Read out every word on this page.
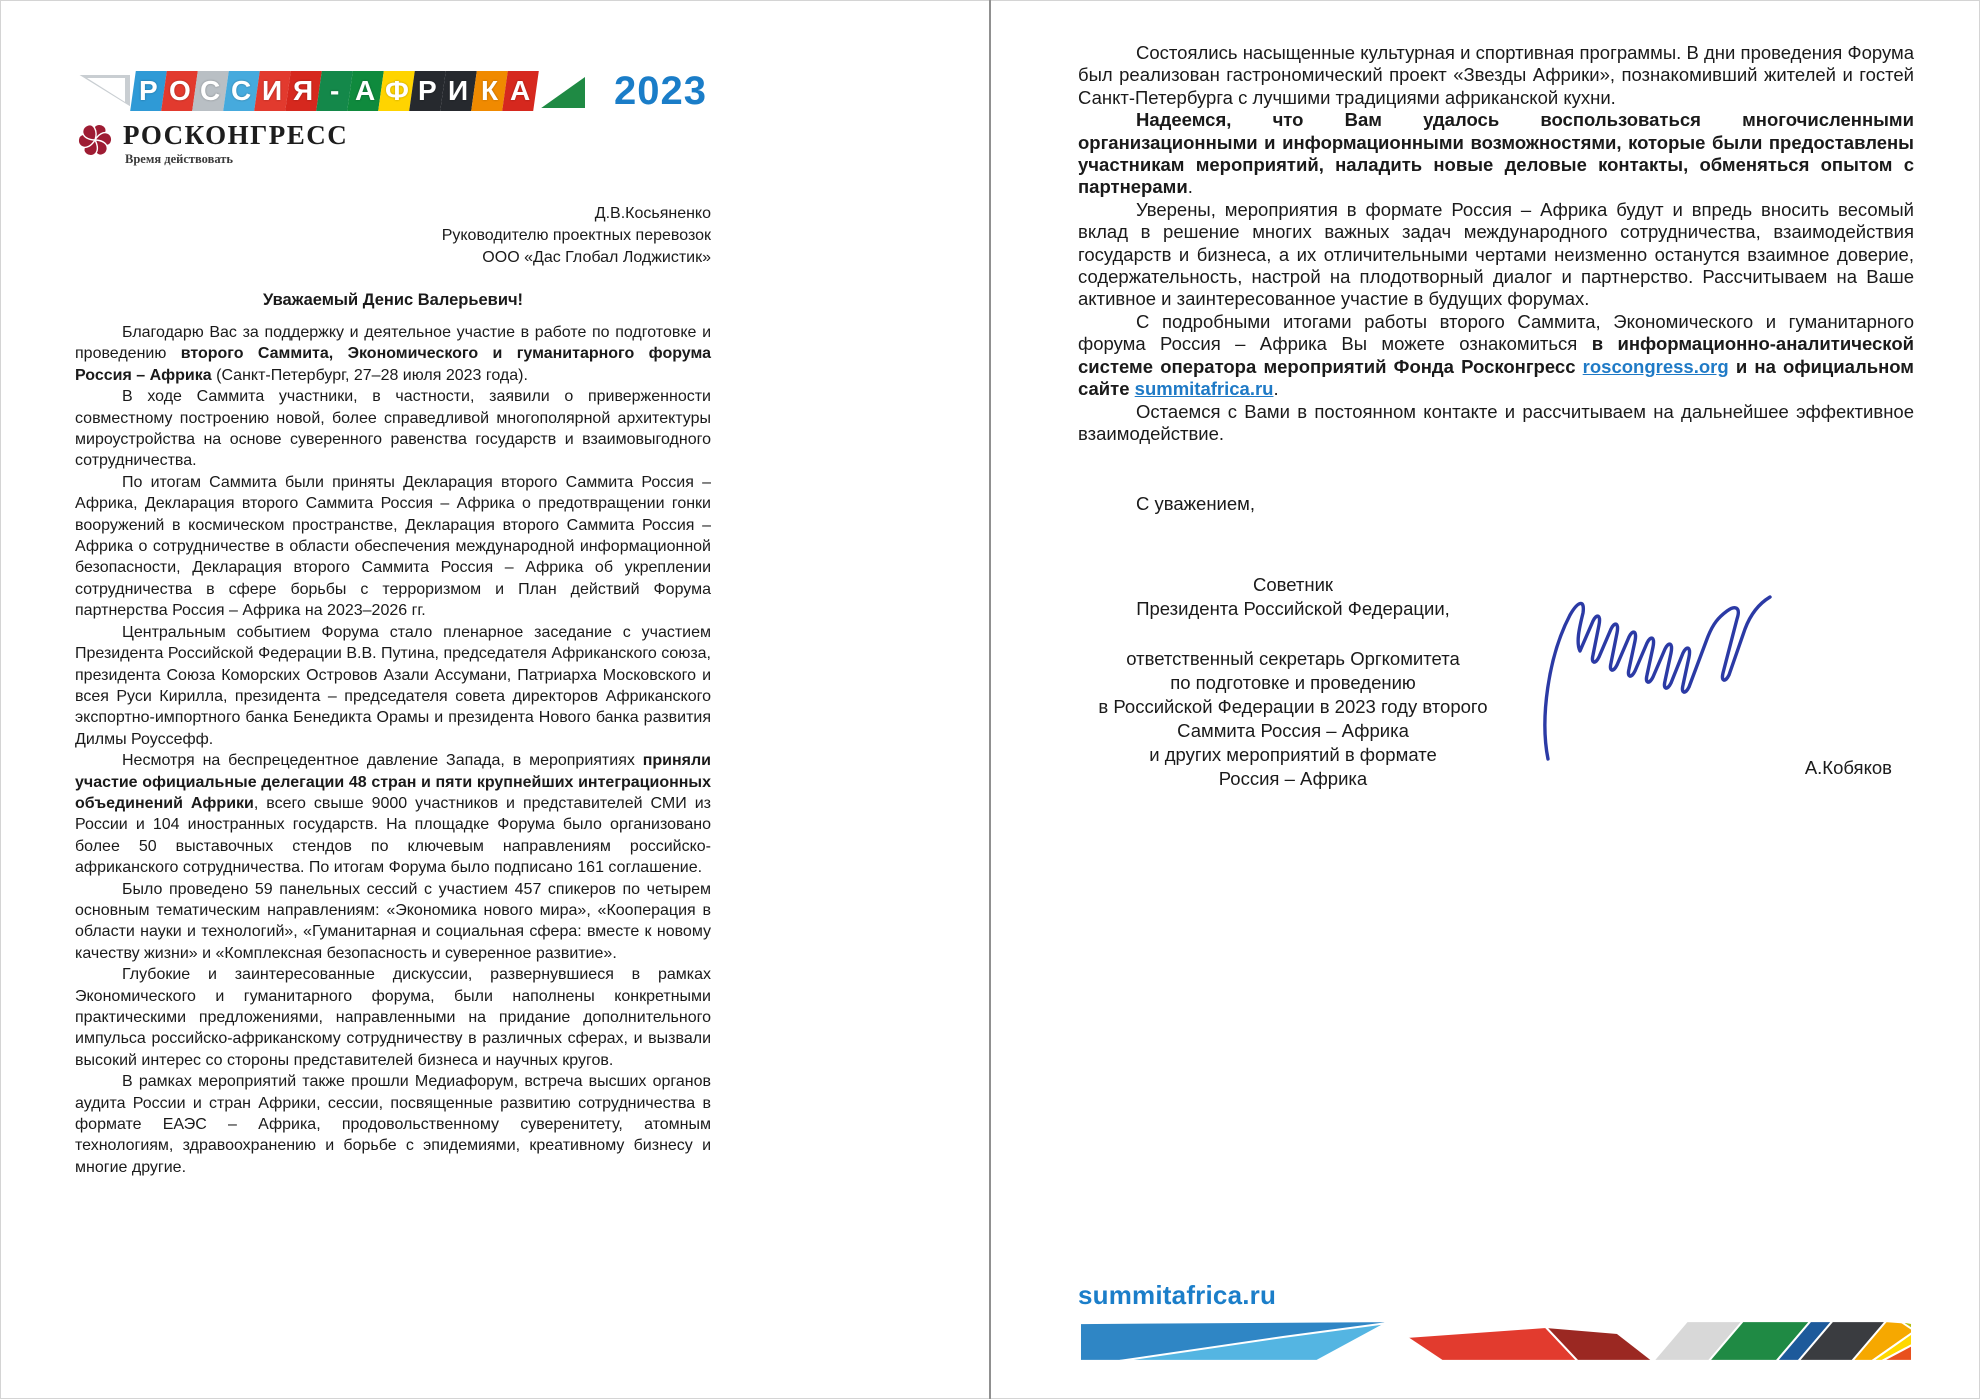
Р О С С И Я - А Ф Р И К А 2023
РОСКОНГРЕСС
Время действовать
Д.В.Косьяненко
Руководителю проектных перевозок
ООО «Дас Глобал Лоджистик»
Уважаемый Денис Валерьевич!
Благодарю Вас за поддержку и деятельное участие в работе по подготовке и проведению второго Саммита, Экономического и гуманитарного форума Россия – Африка (Санкт-Петербург, 27–28 июля 2023 года).
В ходе Саммита участники, в частности, заявили о приверженности совместному построению новой, более справедливой многополярной архитектуры мироустройства на основе суверенного равенства государств и взаимовыгодного сотрудничества.
По итогам Саммита были приняты Декларация второго Саммита Россия – Африка, Декларация второго Саммита Россия – Африка о предотвращении гонки вооружений в космическом пространстве, Декларация второго Саммита Россия – Африка о сотрудничестве в области обеспечения международной информационной безопасности, Декларация второго Саммита Россия – Африка об укреплении сотрудничества в сфере борьбы с терроризмом и План действий Форума партнерства Россия – Африка на 2023–2026 гг.
Центральным событием Форума стало пленарное заседание с участием Президента Российской Федерации В.В. Путина, председателя Африканского союза, президента Союза Коморских Островов Азали Ассумани, Патриарха Московского и всея Руси Кирилла, президента – председателя совета директоров Африканского экспортно-импортного банка Бенедикта Орамы и президента Нового банка развития Дилмы Роуссефф.
Несмотря на беспрецедентное давление Запада, в мероприятиях приняли участие официальные делегации 48 стран и пяти крупнейших интеграционных объединений Африки, всего свыше 9000 участников и представителей СМИ из России и 104 иностранных государств. На площадке Форума было организовано более 50 выставочных стендов по ключевым направлениям российско-африканского сотрудничества. По итогам Форума было подписано 161 соглашение.
Было проведено 59 панельных сессий с участием 457 спикеров по четырем основным тематическим направлениям: «Экономика нового мира», «Кооперация в области науки и технологий», «Гуманитарная и социальная сфера: вместе к новому качеству жизни» и «Комплексная безопасность и суверенное развитие».
Глубокие и заинтересованные дискуссии, развернувшиеся в рамках Экономического и гуманитарного форума, были наполнены конкретными практическими предложениями, направленными на придание дополнительного импульса российско-африканскому сотрудничеству в различных сферах, и вызвали высокий интерес со стороны представителей бизнеса и научных кругов.
В рамках мероприятий также прошли Медиафорум, встреча высших органов аудита России и стран Африки, сессии, посвященные развитию сотрудничества в формате ЕАЭС – Африка, продовольственному суверенитету, атомным технологиям, здравоохранению и борьбе с эпидемиями, креативному бизнесу и многие другие.
Состоялись насыщенные культурная и спортивная программы. В дни проведения Форума был реализован гастрономический проект «Звезды Африки», познакомивший жителей и гостей Санкт-Петербурга с лучшими традициями африканской кухни.
Надеемся, что Вам удалось воспользоваться многочисленными организационными и информационными возможностями, которые были предоставлены участникам мероприятий, наладить новые деловые контакты, обменяться опытом с партнерами.
Уверены, мероприятия в формате Россия – Африка будут и впредь вносить весомый вклад в решение многих важных задач международного сотрудничества, взаимодействия государств и бизнеса, а их отличительными чертами неизменно останутся взаимное доверие, содержательность, настрой на плодотворный диалог и партнерство. Рассчитываем на Ваше активное и заинтересованное участие в будущих форумах.
С подробными итогами работы второго Саммита, Экономического и гуманитарного форума Россия – Африка Вы можете ознакомиться в информационно-аналитической системе оператора мероприятий Фонда Росконгресс roscongress.org и на официальном сайте summitafrica.ru.
Остаемся с Вами в постоянном контакте и рассчитываем на дальнейшее эффективное взаимодействие.
С уважением,
Советник
Президента Российской Федерации,
ответственный секретарь Оргкомитета
по подготовке и проведению
в Российской Федерации в 2023 году второго
Саммита Россия – Африка
и других мероприятий в формате
Россия – Африка
А.Кобяков
summitafrica.ru
